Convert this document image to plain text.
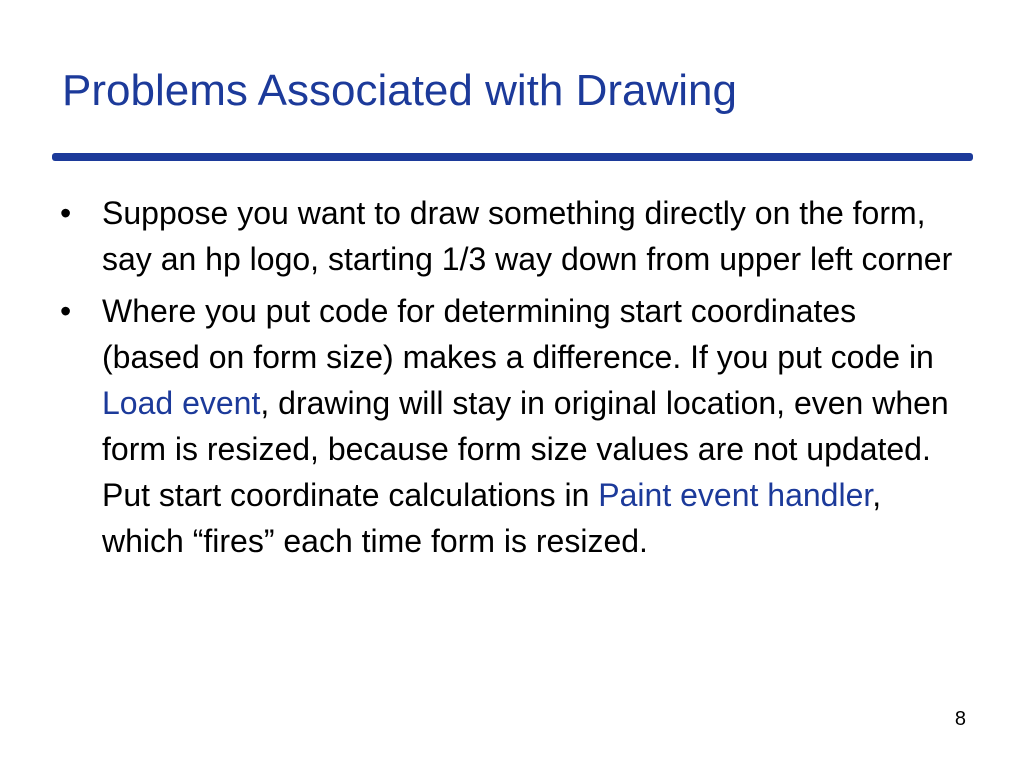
Problems Associated with Drawing
• Suppose you want to draw something directly on the form, say an hp logo, starting 1/3 way down from upper left corner
• Where you put code for determining start coordinates (based on form size) makes a difference. If you put code in Load event, drawing will stay in original location, even when form is resized, because form size values are not updated. Put start coordinate calculations in Paint event handler, which “fires” each time form is resized.
8
